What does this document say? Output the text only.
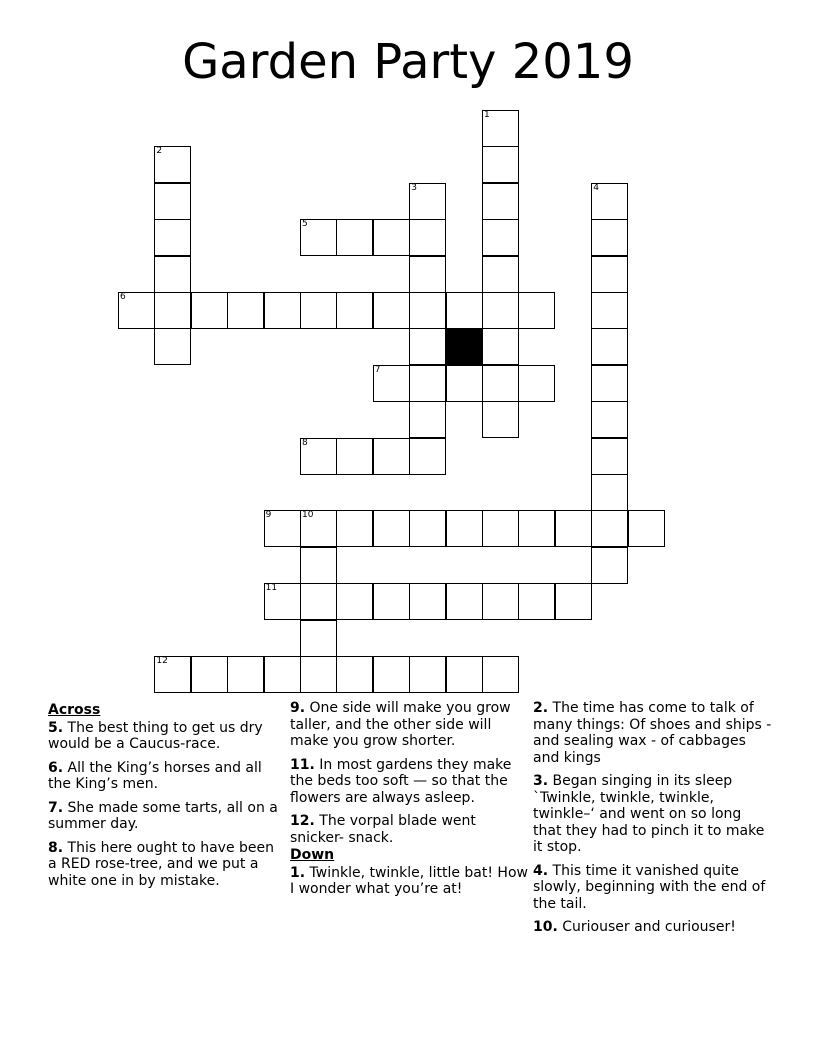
Garden Party 2019
1
2
3	4
5
6
7
8
9	10
11
12
Across
5. The best thing to get us dry would be a Caucus-race.
6. All the King’s horses and all the King’s men.
7. She made some tarts, all on a summer day.
8. This here ought to have been a RED rose-tree, and we put a white one in by mistake.
9. One side will make you grow taller, and the other side will make you grow shorter.
11. In most gardens they make the beds too soft — so that the flowers are always asleep.
12. The vorpal blade went snicker- snack.
Down
1. Twinkle, twinkle, little bat! How I wonder what you’re at!
2. The time has come to talk of many things: Of shoes and ships - and sealing wax - of cabbages and kings
3. Began singing in its sleep `Twinkle, twinkle, twinkle, twinkle–‘ and went on so long that they had to pinch it to make it stop.
4. This time it vanished quite slowly, beginning with the end of the tail.
10. Curiouser and curiouser!
